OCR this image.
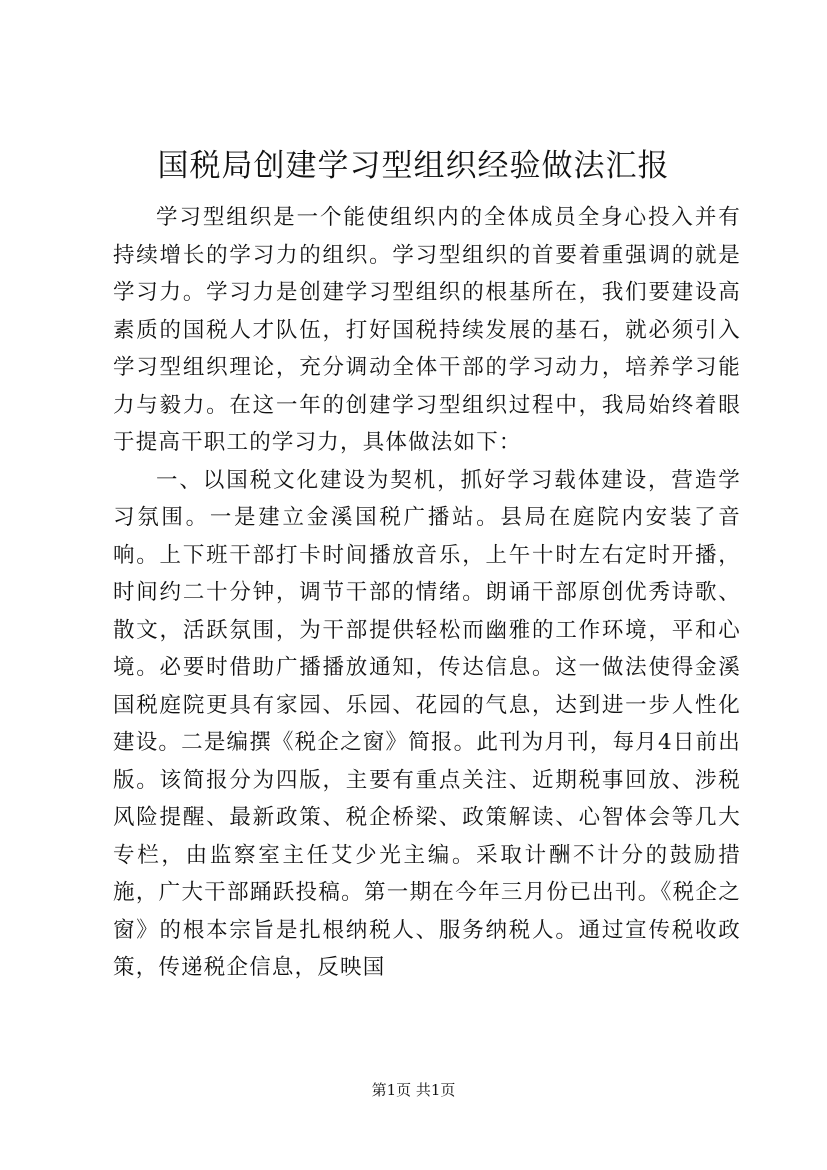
国税局创建学习型组织经验做法汇报

学习型组织是一个能使组织内的全体成员全身心投入并有持续增长的学习力的组织。学习型组织的首要着重强调的就是学习力。学习力是创建学习型组织的根基所在，我们要建设高素质的国税人才队伍，打好国税持续发展的基石，就必须引入学习型组织理论，充分调动全体干部的学习动力，培养学习能力与毅力。在这一年的创建学习型组织过程中，我局始终着眼于提高干职工的学习力，具体做法如下：

一、以国税文化建设为契机，抓好学习载体建设，营造学习氛围。一是建立金溪国税广播站。县局在庭院内安装了音响。上下班干部打卡时间播放音乐，上午十时左右定时开播，时间约二十分钟，调节干部的情绪。朗诵干部原创优秀诗歌、散文，活跃氛围，为干部提供轻松而幽雅的工作环境，平和心境。必要时借助广播播放通知，传达信息。这一做法使得金溪国税庭院更具有家园、乐园、花园的气息，达到进一步人性化建设。二是编撰《税企之窗》简报。此刊为月刊，每月4日前出版。该简报分为四版，主要有重点关注、近期税事回放、涉税风险提醒、最新政策、税企桥梁、政策解读、心智体会等几大专栏，由监察室主任艾少光主编。采取计酬不计分的鼓励措施，广大干部踊跃投稿。第一期在今年三月份已出刊。《税企之窗》的根本宗旨是扎根纳税人、服务纳税人。通过宣传税收政策，传递税企信息，反映国

第1页 共1页
